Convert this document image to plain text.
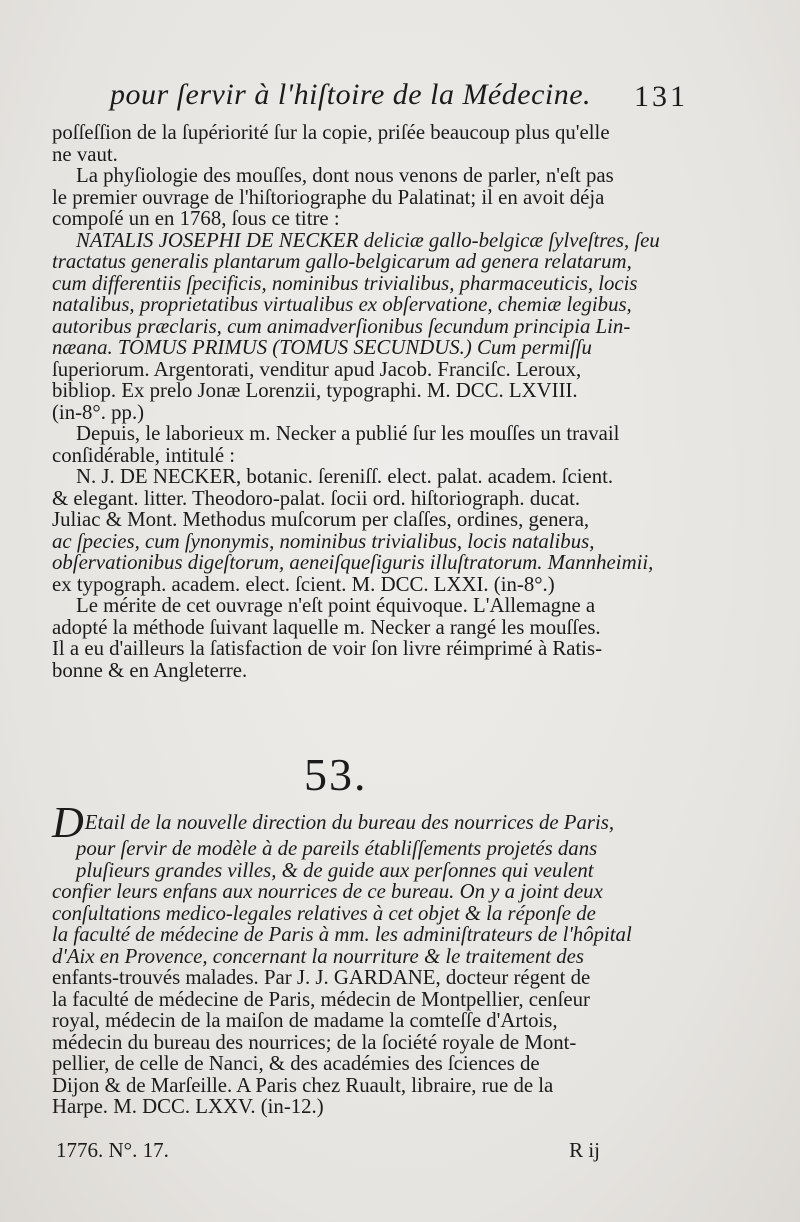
pour ſervir à l'hiſtoire de la Médecine.	131
poſſeſſion de la ſupériorité ſur la copie, priſée beaucoup plus qu'elle
ne vaut.
La phyſiologie des mouſſes, dont nous venons de parler, n'eſt pas
le premier ouvrage de l'hiſtoriographe du Palatinat; il en avoit déja
compoſé un en 1768, ſous ce titre :
NATALIS JOSEPHI DE NECKER deliciæ gallo-belgicæ ſylveſtres, ſeu
tractatus generalis plantarum gallo-belgicarum ad genera relatarum,
cum differentiis ſpecificis, nominibus trivialibus, pharmaceuticis, locis
natalibus, proprietatibus virtualibus ex obſervatione, chemiæ legibus,
autoribus præclaris, cum animadverſionibus ſecundum principia Lin-
næana. TOMUS PRIMUS (TOMUS SECUNDUS.) Cum permiſſu
ſuperiorum. Argentorati, venditur apud Jacob. Franciſc. Leroux,
bibliop. Ex prelo Jonæ Lorenzii, typographi. M. DCC. LXVIII.
(in-8°. pp.)
Depuis, le laborieux m. Necker a publié ſur les mouſſes un travail
conſidérable, intitulé :
N. J. DE NECKER, botanic. ſereniſſ. elect. palat. academ. ſcient.
& elegant. litter. Theodoro-palat. ſocii ord. hiſtoriograph. ducat.
Juliac & Mont. Methodus muſcorum per claſſes, ordines, genera,
ac ſpecies, cum ſynonymis, nominibus trivialibus, locis natalibus,
obſervationibus digeſtorum, aeneiſqueſiguris illuſtratorum. Mannheimii,
ex typograph. academ. elect. ſcient. M. DCC. LXXI. (in-8°.)
Le mérite de cet ouvrage n'eſt point équivoque. L'Allemagne a
adopté la méthode ſuivant laquelle m. Necker a rangé les mouſſes.
Il a eu d'ailleurs la ſatisfaction de voir ſon livre réimprimé à Ratis-
bonne & en Angleterre.
53.
DEtail de la nouvelle direction du bureau des nourrices de Paris,
pour ſervir de modèle à de pareils établiſſements projetés dans
pluſieurs grandes villes, & de guide aux perſonnes qui veulent
confier leurs enfans aux nourrices de ce bureau. On y a joint deux
conſultations medico-legales relatives à cet objet & la réponſe de
la faculté de médecine de Paris à mm. les adminiſtrateurs de l'hôpital
d'Aix en Provence, concernant la nourriture & le traitement des
enfants-trouvés malades. Par J. J. GARDANE, docteur régent de
la faculté de médecine de Paris, médecin de Montpellier, cenſeur
royal, médecin de la maiſon de madame la comteſſe d'Artois,
médecin du bureau des nourrices; de la ſociété royale de Mont-
pellier, de celle de Nanci, & des académies des ſciences de
Dijon & de Marſeille. A Paris chez Ruault, libraire, rue de la
Harpe. M. DCC. LXXV. (in-12.)
1776. N°. 17.	R ij
